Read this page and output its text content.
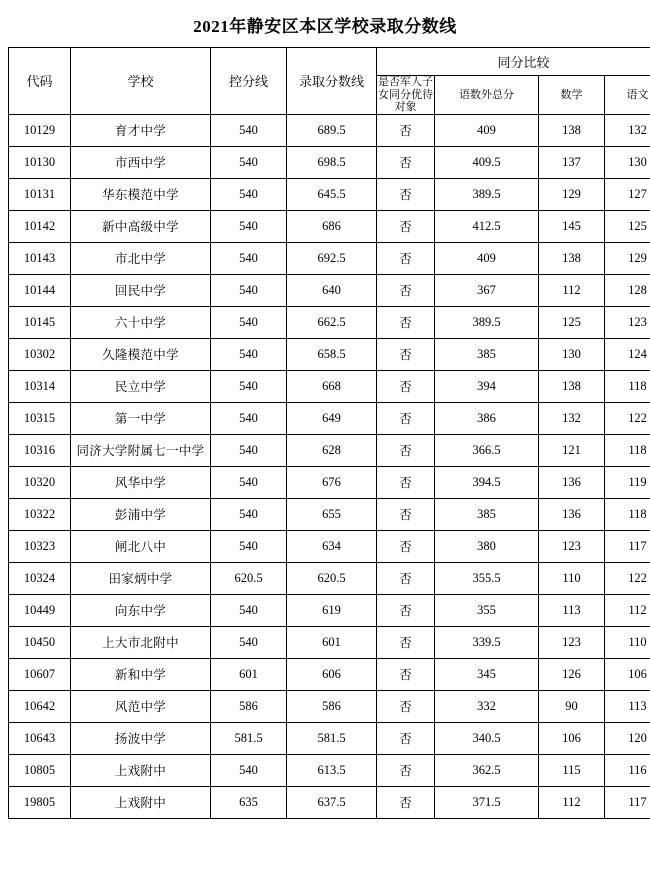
2021年静安区本区学校录取分数线
代码	学校	控分线	录取分数线	同分比较			
				是否军人子女同分优待对象	语数外总分	数学	语文
10129	育才中学	540	689.5	否	409	138	132
10130	市西中学	540	698.5	否	409.5	137	130
10131	华东模范中学	540	645.5	否	389.5	129	127
10142	新中高级中学	540	686	否	412.5	145	125
10143	市北中学	540	692.5	否	409	138	129
10144	回民中学	540	640	否	367	112	128
10145	六十中学	540	662.5	否	389.5	125	123
10302	久隆模范中学	540	658.5	否	385	130	124
10314	民立中学	540	668	否	394	138	118
10315	第一中学	540	649	否	386	132	122
10316	同济大学附属七一中学	540	628	否	366.5	121	118
10320	风华中学	540	676	否	394.5	136	119
10322	彭浦中学	540	655	否	385	136	118
10323	闸北八中	540	634	否	380	123	117
10324	田家炳中学	620.5	620.5	否	355.5	110	122
10449	向东中学	540	619	否	355	113	112
10450	上大市北附中	540	601	否	339.5	123	110
10607	新和中学	601	606	否	345	126	106
10642	风范中学	586	586	否	332	90	113
10643	扬波中学	581.5	581.5	否	340.5	106	120
10805	上戏附中	540	613.5	否	362.5	115	116
19805	上戏附中	635	637.5	否	371.5	112	117
